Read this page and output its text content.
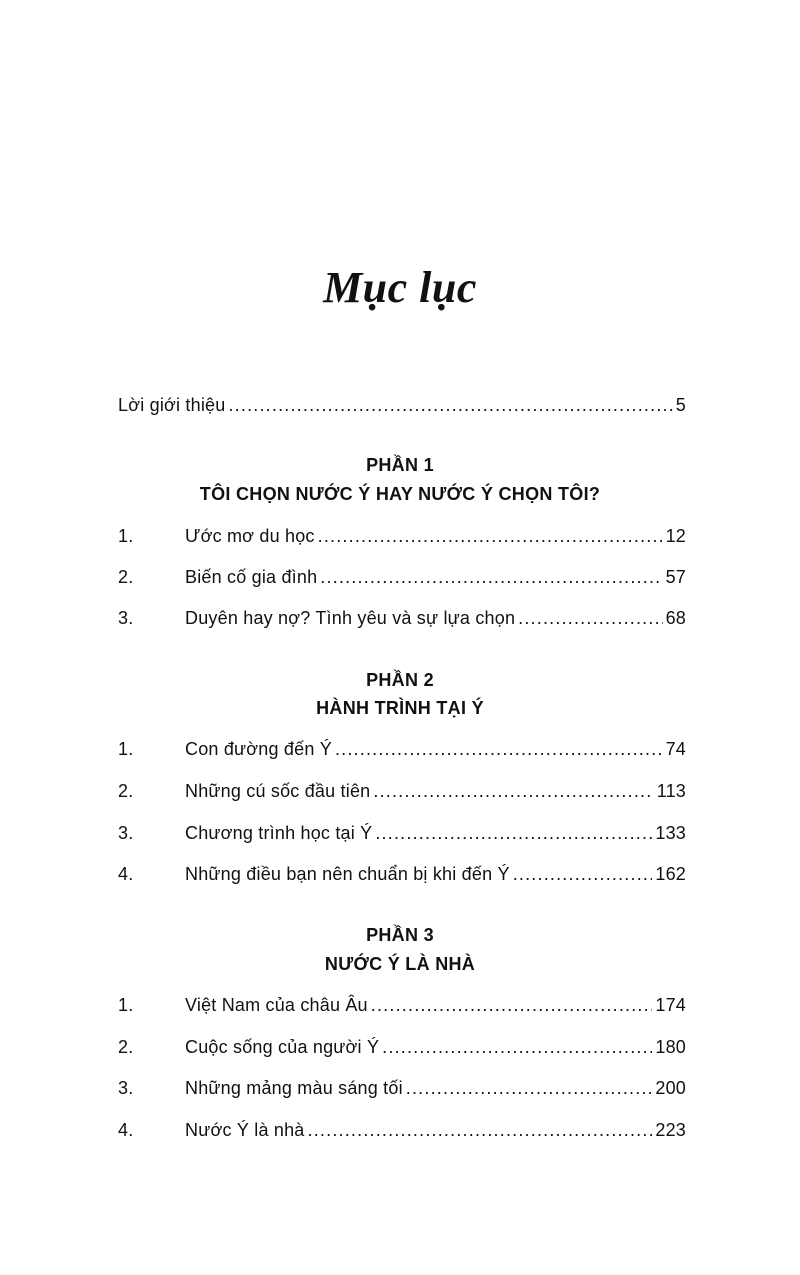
Mục lục
Lời giới thiệu .....	5
PHẦN 1
TÔI CHỌN NƯỚC Ý HAY NƯỚC Ý CHỌN TÔI?
1.	Ước mơ du học .....	12
2.	Biến cố gia đình .....	57
3.	Duyên hay nợ? Tình yêu và sự lựa chọn .....	68
PHẦN 2
HÀNH TRÌNH TẠI Ý
1.	Con đường đến Ý .....	74
2.	Những cú sốc đầu tiên .....	113
3.	Chương trình học tại Ý .....	133
4.	Những điều bạn nên chuẩn bị khi đến Ý .....	162
PHẦN 3
NƯỚC Ý LÀ NHÀ
1.	Việt Nam của châu Âu .....	174
2.	Cuộc sống của người Ý .....	180
3.	Những mảng màu sáng tối .....	200
4.	Nước Ý là nhà .....	223
